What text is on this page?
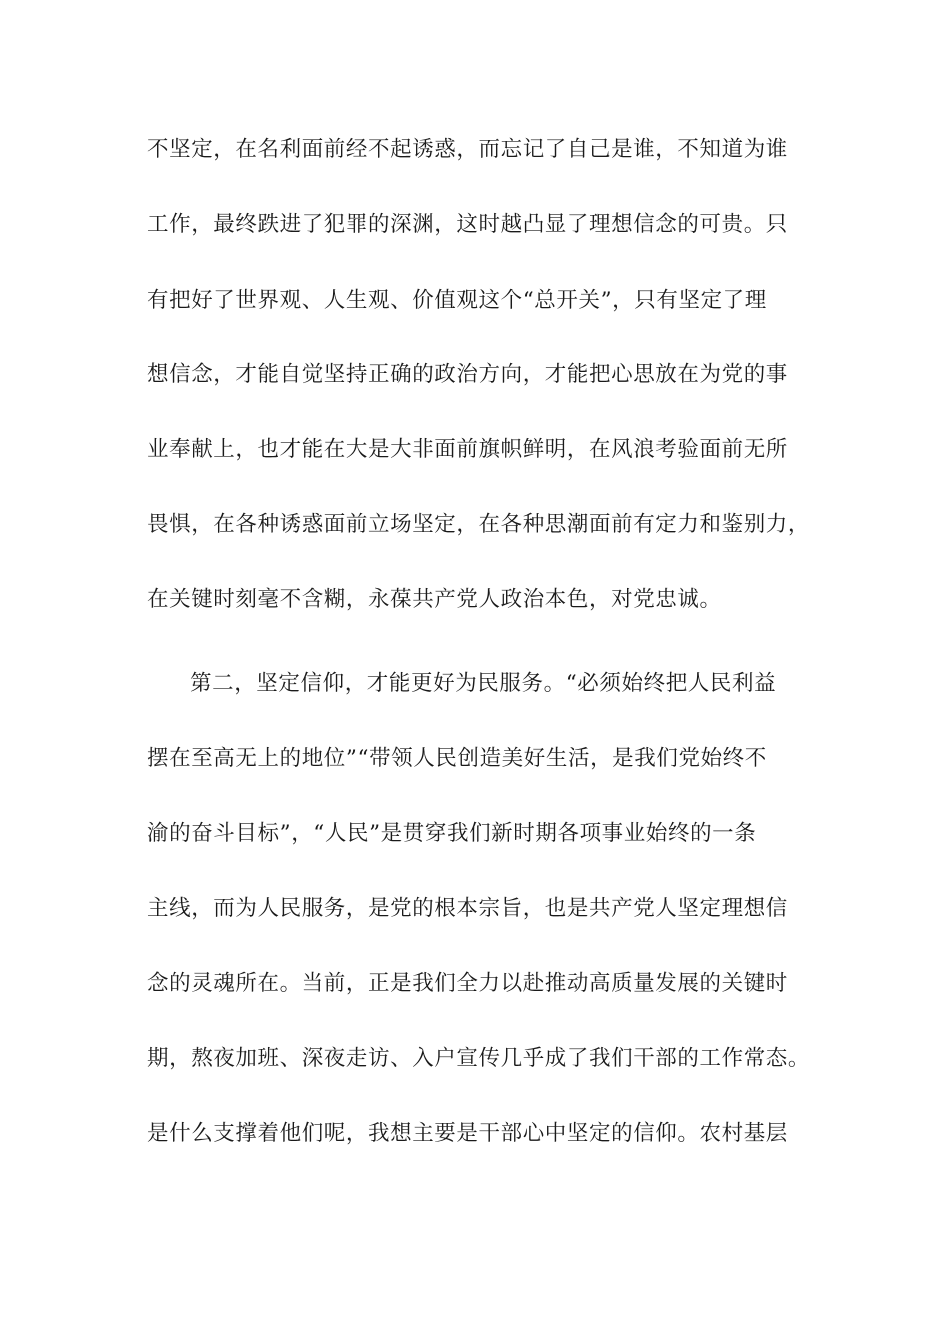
不坚定，在名利面前经不起诱惑，而忘记了自己是谁，不知道为谁
工作，最终跌进了犯罪的深渊，这时越凸显了理想信念的可贵。只
有把好了世界观、人生观、价值观这个“总开关”，只有坚定了理
想信念，才能自觉坚持正确的政治方向，才能把心思放在为党的事
业奉献上，也才能在大是大非面前旗帜鲜明，在风浪考验面前无所
畏惧，在各种诱惑面前立场坚定，在各种思潮面前有定力和鉴别力，
在关键时刻毫不含糊，永葆共产党人政治本色，对党忠诚。
第二，坚定信仰，才能更好为民服务。“必须始终把人民利益
摆在至高无上的地位”“带领人民创造美好生活，是我们党始终不
渝的奋斗目标”，“人民”是贯穿我们新时期各项事业始终的一条
主线，而为人民服务，是党的根本宗旨，也是共产党人坚定理想信
念的灵魂所在。当前，正是我们全力以赴推动高质量发展的关键时
期，熬夜加班、深夜走访、入户宣传几乎成了我们干部的工作常态。
是什么支撑着他们呢，我想主要是干部心中坚定的信仰。农村基层
